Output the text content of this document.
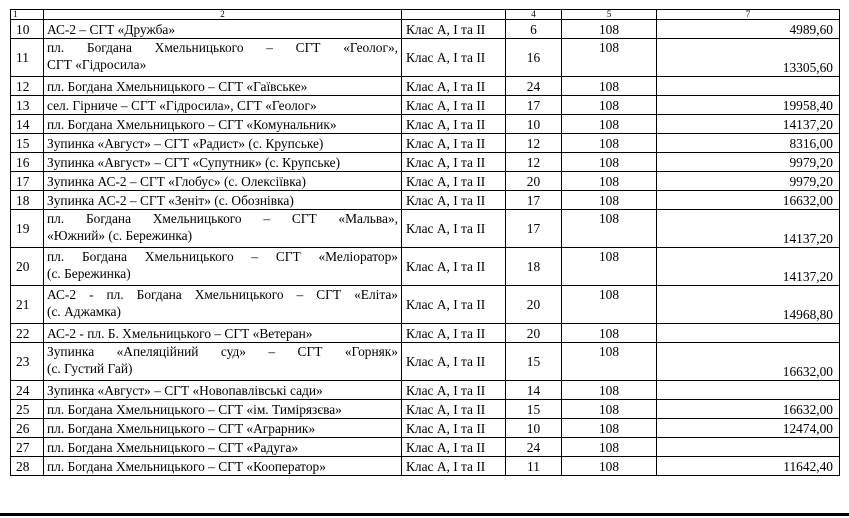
1	2		4	5	7
10	АС-2 – СГТ «Дружба»	Клас А, І та ІІ	6	108	4989,60
11	пл. Богдана Хмельницького – СГТ «Геолог»,
СГТ «Гідросила»	Клас А, І та ІІ	16	108	13305,60
12	пл. Богдана Хмельницького – СГТ «Гаївське»	Клас А, І та ІІ	24	108	
13	сел. Гірниче – СГТ «Гідросила», СГТ «Геолог»	Клас А, І та ІІ	17	108	19958,40
14	пл. Богдана Хмельницького – СГТ «Комунальник»	Клас А, І та ІІ	10	108	14137,20
15	Зупинка «Август» – СГТ «Радист» (с. Крупське)	Клас А, І та ІІ	12	108	8316,00
16	Зупинка «Август» – СГТ «Супутник» (с. Крупське)	Клас А, І та ІІ	12	108	9979,20
17	Зупинка АС-2 – СГТ «Глобус» (с. Олексіївка)	Клас А, І та ІІ	20	108	9979,20
18	Зупинка АС-2 – СГТ «Зеніт» (с. Обознівка)	Клас А, І та ІІ	17	108	16632,00
19	пл. Богдана Хмельницького – СГТ «Мальва»,
«Южний» (с. Бережинка)	Клас А, І та ІІ	17	108	14137,20
20	пл. Богдана Хмельницького – СГТ «Меліоратор»
(с. Бережинка)	Клас А, І та ІІ	18	108	14137,20
21	АС-2 - пл. Богдана Хмельницького – СГТ «Еліта»
(с. Аджамка)	Клас А, І та ІІ	20	108	14968,80
22	АС-2 - пл. Б. Хмельницького – СГТ «Ветеран»	Клас А, І та ІІ	20	108	
23	Зупинка «Апеляційний суд» – СГТ «Горняк»
(с. Густий Гай)	Клас А, І та ІІ	15	108	16632,00
24	Зупинка «Август» – СГТ «Новопавлівські сади»	Клас А, І та ІІ	14	108	
25	пл. Богдана Хмельницького – СГТ «ім. Тимірязєва»	Клас А, І та ІІ	15	108	16632,00
26	пл. Богдана Хмельницького – СГТ «Аграрник»	Клас А, І та ІІ	10	108	12474,00
27	пл. Богдана Хмельницького – СГТ «Радуга»	Клас А, І та ІІ	24	108	
28	пл. Богдана Хмельницького – СГТ «Кооператор»	Клас А, І та ІІ	11	108	11642,40
